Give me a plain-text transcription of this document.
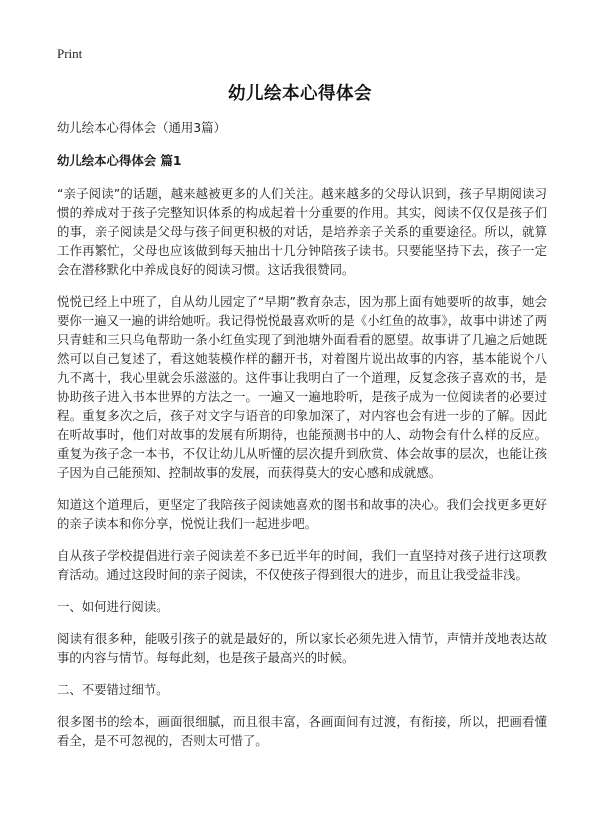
Print
幼儿绘本心得体会

幼儿绘本心得体会（通用3篇）

幼儿绘本心得体会 篇1

“亲子阅读”的话题，越来越被更多的人们关注。越来越多的父母认识到，孩子早期阅读习惯的养成对于孩子完整知识体系的构成起着十分重要的作用。其实，阅读不仅仅是孩子们的事，亲子阅读是父母与孩子间更积极的对话，是培养亲子关系的重要途径。所以，就算工作再繁忙，父母也应该做到每天抽出十几分钟陪孩子读书。只要能坚持下去，孩子一定会在潜移默化中养成良好的阅读习惯。这话我很赞同。

悦悦已经上中班了，自从幼儿园定了“早期”教育杂志，因为那上面有她要听的故事，她会要你一遍又一遍的讲给她听。我记得悦悦最喜欢听的是《小红鱼的故事》，故事中讲述了两只青蛙和三只乌龟帮助一条小红鱼实现了到池塘外面看看的愿望。故事讲了几遍之后她既然可以自己复述了，看这她装模作样的翻开书，对着图片说出故事的内容，基本能说个八九不离十，我心里就会乐滋滋的。这件事让我明白了一个道理，反复念孩子喜欢的书，是协助孩子进入书本世界的方法之一。一遍又一遍地聆听，是孩子成为一位阅读者的必要过程。重复多次之后，孩子对文字与语音的印象加深了，对内容也会有进一步的了解。因此在听故事时，他们对故事的发展有所期待，也能预测书中的人、动物会有什么样的反应。重复为孩子念一本书，不仅让幼儿从听懂的层次提升到欣赏、体会故事的层次，也能让孩子因为自己能预知、控制故事的发展，而获得莫大的安心感和成就感。

知道这个道理后，更坚定了我陪孩子阅读她喜欢的图书和故事的决心。我们会找更多更好的亲子读本和你分享，悦悦让我们一起进步吧。

自从孩子学校提倡进行亲子阅读差不多已近半年的时间，我们一直坚持对孩子进行这项教育活动。通过这段时间的亲子阅读，不仅使孩子得到很大的进步，而且让我受益非浅。

一、如何进行阅读。

阅读有很多种，能吸引孩子的就是最好的，所以家长必须先进入情节，声情并茂地表达故事的内容与情节。每每此刻，也是孩子最高兴的时候。

二、不要错过细节。

很多图书的绘本，画面很细腻，而且很丰富，各画面间有过渡，有衔接，所以，把画看懂看全，是不可忽视的，否则太可惜了。
